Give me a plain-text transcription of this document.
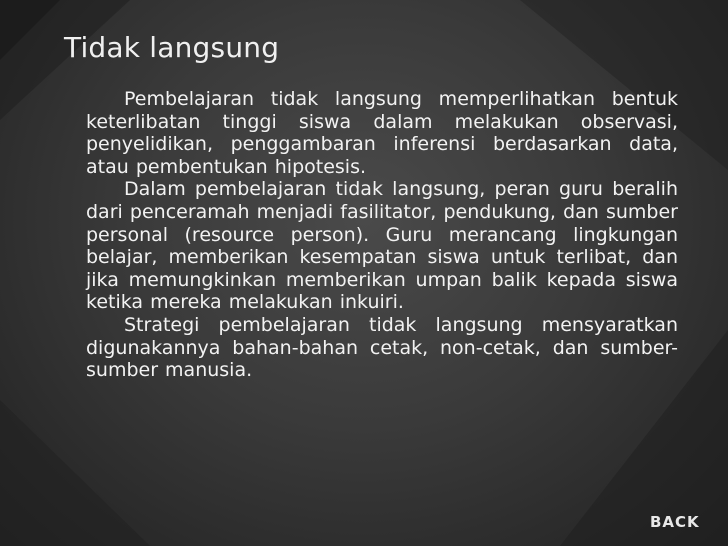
Tidak langsung

Pembelajaran tidak langsung memperlihatkan bentuk keterlibatan tinggi siswa dalam melakukan observasi, penyelidikan, penggambaran inferensi berdasarkan data, atau pembentukan hipotesis.

Dalam pembelajaran tidak langsung, peran guru beralih dari penceramah menjadi fasilitator, pendukung, dan sumber personal (resource person). Guru merancang lingkungan belajar, memberikan kesempatan siswa untuk terlibat, dan jika memungkinkan memberikan umpan balik kepada siswa ketika mereka melakukan inkuiri.

Strategi pembelajaran tidak langsung mensyaratkan digunakannya bahan-bahan cetak, non-cetak, dan sumber-sumber manusia.

BACK
